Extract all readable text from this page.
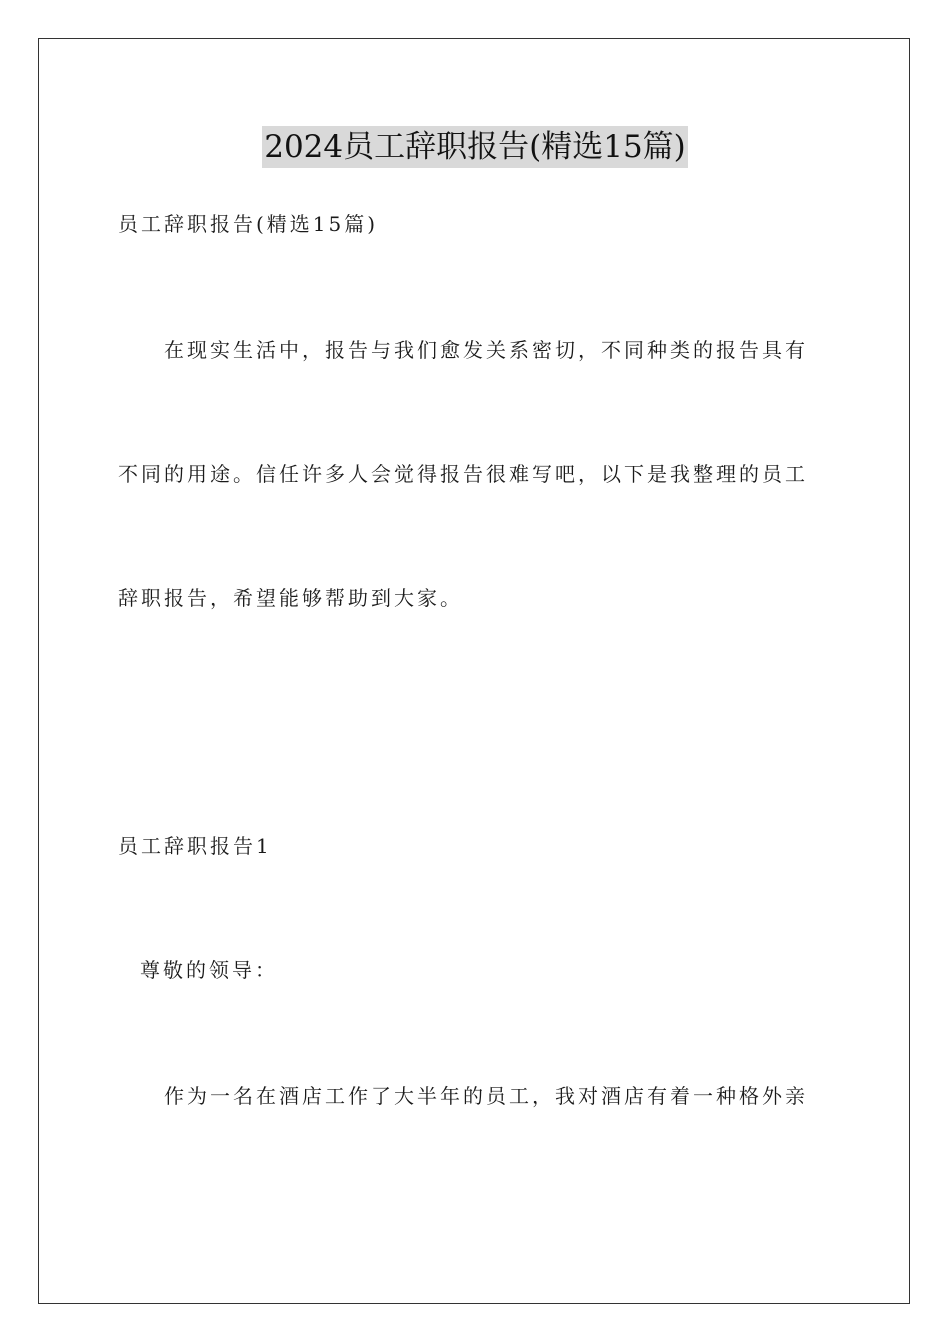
2024员工辞职报告(精选15篇)
员工辞职报告(精选15篇)
在现实生活中，报告与我们愈发关系密切，不同种类的报告具有
不同的用途。信任许多人会觉得报告很难写吧，以下是我整理的员工
辞职报告，希望能够帮助到大家。
员工辞职报告1
尊敬的领导：
作为一名在酒店工作了大半年的员工，我对酒店有着一种格外亲
